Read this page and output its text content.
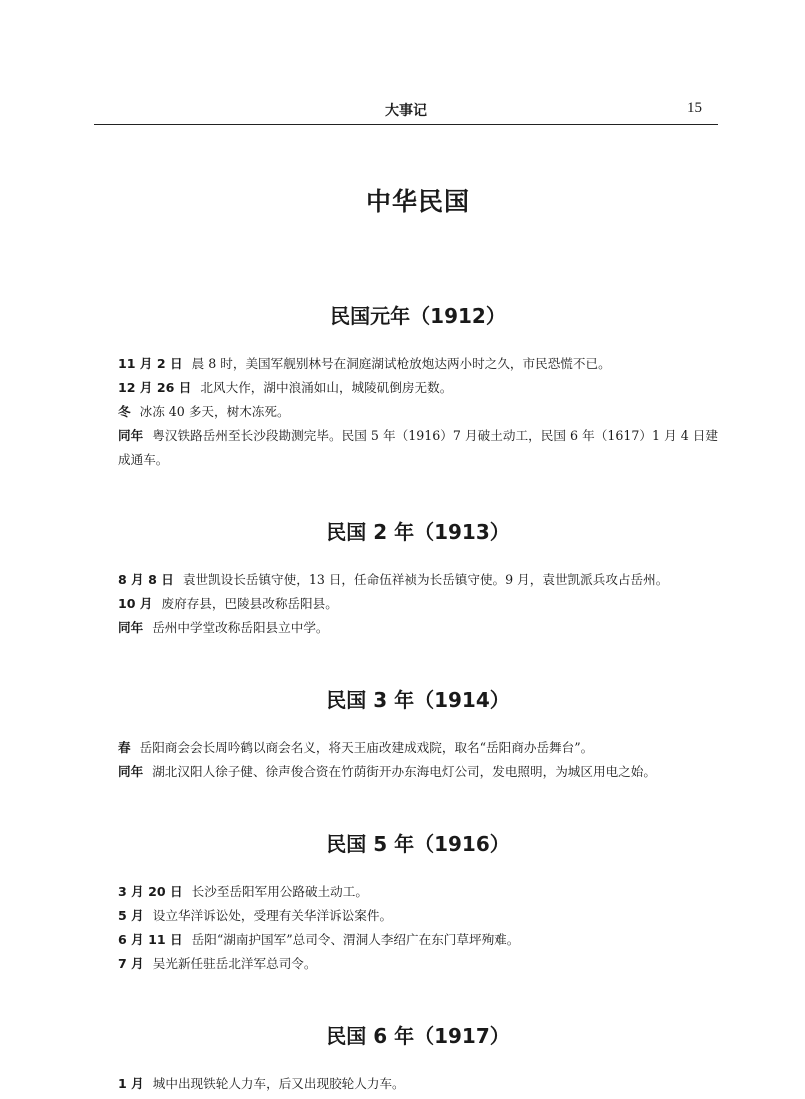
大事记	15
中华民国
民国元年（1912）
11 月 2 日 晨 8 时，美国军舰别林号在洞庭湖试枪放炮达两小时之久，市民恐慌不已。
12 月 26 日 北风大作，湖中浪涌如山，城陵矶倒房无数。
冬 冰冻 40 多天，树木冻死。
同年 粤汉铁路岳州至长沙段勘测完毕。民国 5 年（1916）7 月破土动工，民国 6 年（1617）1 月 4 日建成通车。
民国 2 年（1913）
8 月 8 日 袁世凯设长岳镇守使，13 日，任命伍祥祯为长岳镇守使。9 月，袁世凯派兵攻占岳州。
10 月 废府存县，巴陵县改称岳阳县。
同年 岳州中学堂改称岳阳县立中学。
民国 3 年（1914）
春 岳阳商会会长周吟鹤以商会名义，将天王庙改建成戏院，取名“岳阳商办岳舞台”。
同年 湖北汉阳人徐子健、徐声俊合资在竹荫街开办东海电灯公司，发电照明，为城区用电之始。
民国 5 年（1916）
3 月 20 日 长沙至岳阳军用公路破土动工。
5 月 设立华洋诉讼处，受理有关华洋诉讼案件。
6 月 11 日 岳阳“湖南护国军”总司令、渭洞人李绍广在东门草坪殉难。
7 月 吴光新任驻岳北洋军总司令。
民国 6 年（1917）
1 月 城中出现铁轮人力车，后又出现胶轮人力车。
